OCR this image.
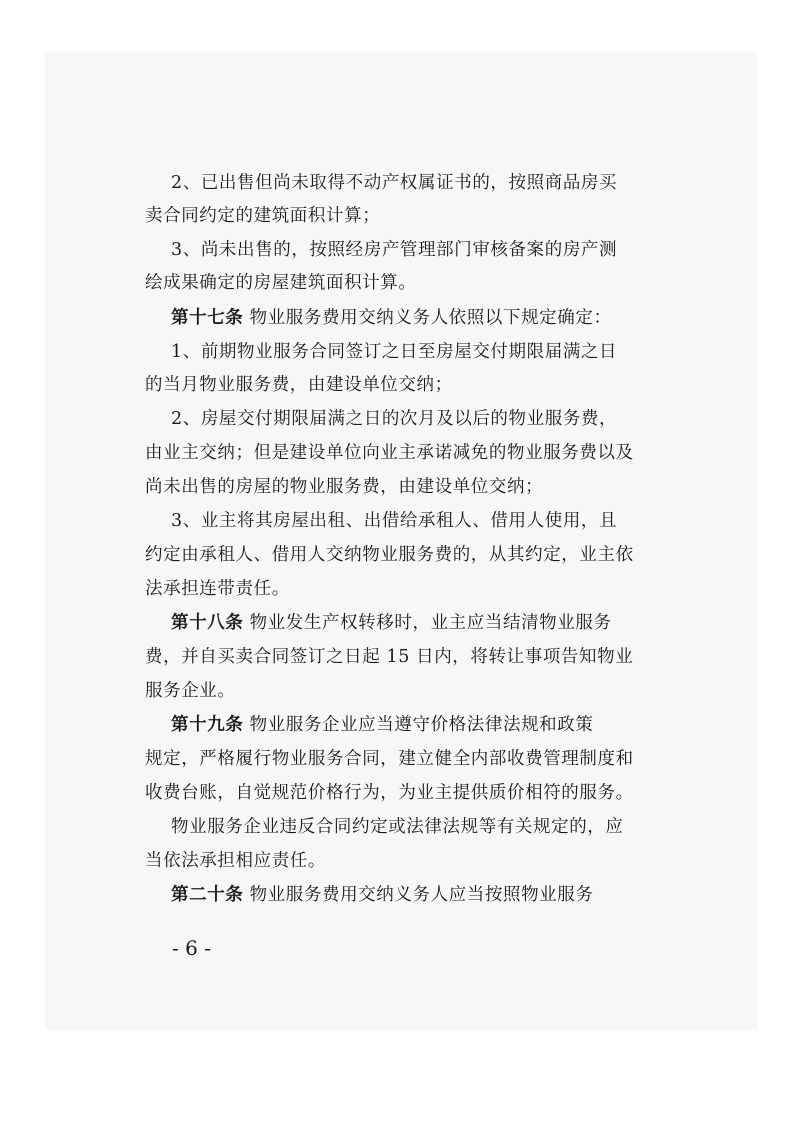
2、已出售但尚未取得不动产权属证书的，按照商品房买

卖合同约定的建筑面积计算；

3、尚未出售的，按照经房产管理部门审核备案的房产测

绘成果确定的房屋建筑面积计算。

第十七条 物业服务费用交纳义务人依照以下规定确定：

1、前期物业服务合同签订之日至房屋交付期限届满之日

的当月物业服务费，由建设单位交纳；

2、房屋交付期限届满之日的次月及以后的物业服务费，

由业主交纳；但是建设单位向业主承诺减免的物业服务费以及

尚未出售的房屋的物业服务费，由建设单位交纳；

3、业主将其房屋出租、出借给承租人、借用人使用，且

约定由承租人、借用人交纳物业服务费的，从其约定，业主依

法承担连带责任。

第十八条 物业发生产权转移时，业主应当结清物业服务

费，并自买卖合同签订之日起 15 日内，将转让事项告知物业

服务企业。

第十九条 物业服务企业应当遵守价格法律法规和政策

规定，严格履行物业服务合同，建立健全内部收费管理制度和

收费台账，自觉规范价格行为，为业主提供质价相符的服务。

物业服务企业违反合同约定或法律法规等有关规定的，应

当依法承担相应责任。

第二十条 物业服务费用交纳义务人应当按照物业服务

- 6 -
